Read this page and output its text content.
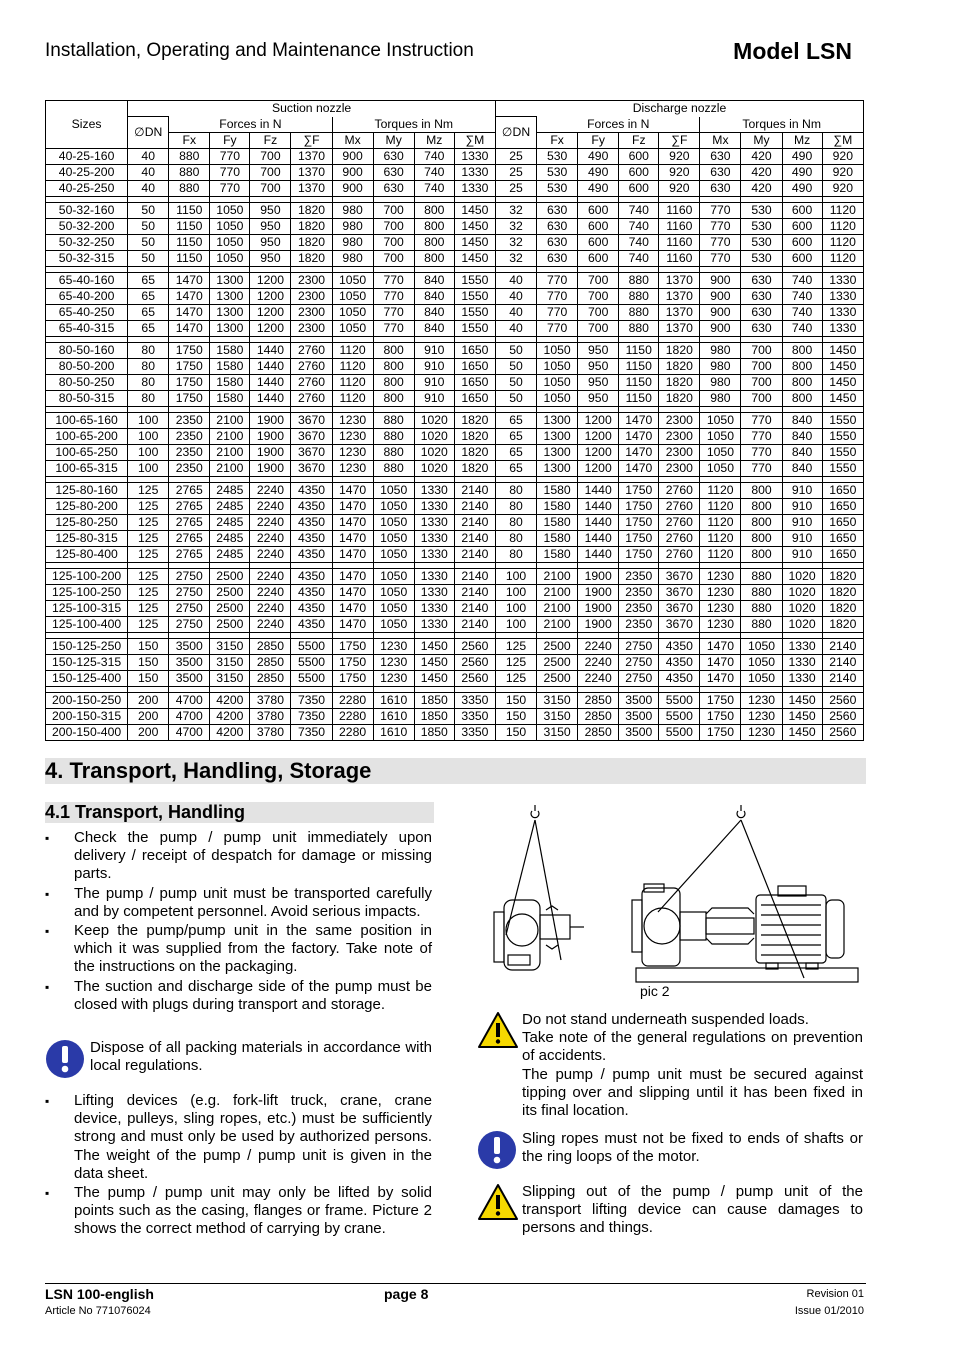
Installation, Operating and Maintenance Instruction	Model LSN
Sizes	Suction nozzle									Discharge nozzle								
	∅DN	Forces in N				Torques in Nm				∅DN	Forces in N				Torques in Nm			
		Fx	Fy	Fz	∑F	Mx	My	Mz	∑M		Fx	Fy	Fz	∑F	Mx	My	Mz	∑M
40-25-160	40	880	770	700	1370	900	630	740	1330	25	530	490	600	920	630	420	490	920
40-25-200	40	880	770	700	1370	900	630	740	1330	25	530	490	600	920	630	420	490	920
40-25-250	40	880	770	700	1370	900	630	740	1330	25	530	490	600	920	630	420	490	920

50-32-160	50	1150	1050	950	1820	980	700	800	1450	32	630	600	740	1160	770	530	600	1120
50-32-200	50	1150	1050	950	1820	980	700	800	1450	32	630	600	740	1160	770	530	600	1120
50-32-250	50	1150	1050	950	1820	980	700	800	1450	32	630	600	740	1160	770	530	600	1120
50-32-315	50	1150	1050	950	1820	980	700	800	1450	32	630	600	740	1160	770	530	600	1120

65-40-160	65	1470	1300	1200	2300	1050	770	840	1550	40	770	700	880	1370	900	630	740	1330
65-40-200	65	1470	1300	1200	2300	1050	770	840	1550	40	770	700	880	1370	900	630	740	1330
65-40-250	65	1470	1300	1200	2300	1050	770	840	1550	40	770	700	880	1370	900	630	740	1330
65-40-315	65	1470	1300	1200	2300	1050	770	840	1550	40	770	700	880	1370	900	630	740	1330

80-50-160	80	1750	1580	1440	2760	1120	800	910	1650	50	1050	950	1150	1820	980	700	800	1450
80-50-200	80	1750	1580	1440	2760	1120	800	910	1650	50	1050	950	1150	1820	980	700	800	1450
80-50-250	80	1750	1580	1440	2760	1120	800	910	1650	50	1050	950	1150	1820	980	700	800	1450
80-50-315	80	1750	1580	1440	2760	1120	800	910	1650	50	1050	950	1150	1820	980	700	800	1450

100-65-160	100	2350	2100	1900	3670	1230	880	1020	1820	65	1300	1200	1470	2300	1050	770	840	1550
100-65-200	100	2350	2100	1900	3670	1230	880	1020	1820	65	1300	1200	1470	2300	1050	770	840	1550
100-65-250	100	2350	2100	1900	3670	1230	880	1020	1820	65	1300	1200	1470	2300	1050	770	840	1550
100-65-315	100	2350	2100	1900	3670	1230	880	1020	1820	65	1300	1200	1470	2300	1050	770	840	1550

125-80-160	125	2765	2485	2240	4350	1470	1050	1330	2140	80	1580	1440	1750	2760	1120	800	910	1650
125-80-200	125	2765	2485	2240	4350	1470	1050	1330	2140	80	1580	1440	1750	2760	1120	800	910	1650
125-80-250	125	2765	2485	2240	4350	1470	1050	1330	2140	80	1580	1440	1750	2760	1120	800	910	1650
125-80-315	125	2765	2485	2240	4350	1470	1050	1330	2140	80	1580	1440	1750	2760	1120	800	910	1650
125-80-400	125	2765	2485	2240	4350	1470	1050	1330	2140	80	1580	1440	1750	2760	1120	800	910	1650

125-100-200	125	2750	2500	2240	4350	1470	1050	1330	2140	100	2100	1900	2350	3670	1230	880	1020	1820
125-100-250	125	2750	2500	2240	4350	1470	1050	1330	2140	100	2100	1900	2350	3670	1230	880	1020	1820
125-100-315	125	2750	2500	2240	4350	1470	1050	1330	2140	100	2100	1900	2350	3670	1230	880	1020	1820
125-100-400	125	2750	2500	2240	4350	1470	1050	1330	2140	100	2100	1900	2350	3670	1230	880	1020	1820

150-125-250	150	3500	3150	2850	5500	1750	1230	1450	2560	125	2500	2240	2750	4350	1470	1050	1330	2140
150-125-315	150	3500	3150	2850	5500	1750	1230	1450	2560	125	2500	2240	2750	4350	1470	1050	1330	2140
150-125-400	150	3500	3150	2850	5500	1750	1230	1450	2560	125	2500	2240	2750	4350	1470	1050	1330	2140

200-150-250	200	4700	4200	3780	7350	2280	1610	1850	3350	150	3150	2850	3500	5500	1750	1230	1450	2560
200-150-315	200	4700	4200	3780	7350	2280	1610	1850	3350	150	3150	2850	3500	5500	1750	1230	1450	2560
200-150-400	200	4700	4200	3780	7350	2280	1610	1850	3350	150	3150	2850	3500	5500	1750	1230	1450	2560
4. Transport, Handling, Storage
4.1 Transport, Handling
▪ Check the pump / pump unit immediately upon delivery / receipt of despatch for damage or missing parts.
▪ The pump / pump unit must be transported carefully and by competent personnel. Avoid serious impacts.
▪ Keep the pump/pump unit in the same position in which it was supplied from the factory. Take note of the instructions on the packaging.
▪ The suction and discharge side of the pump must be closed with plugs during transport and storage.

Dispose of all packing materials in accordance with local regulations.

▪ Lifting devices (e.g. fork-lift truck, crane, crane device, pulleys, sling ropes, etc.) must be sufficiently strong and must only be used by authorized persons. The weight of the pump / pump unit is given in the data sheet.
▪ The pump / pump unit may only be lifted by solid points such as the casing, flanges or frame. Picture 2 shows the correct method of carrying by crane.
pic 2

Do not stand underneath suspended loads.

Take note of the general regulations on prevention of accidents.

The pump / pump unit must be secured against tipping over and slipping until it has been fixed in its final location.

Sling ropes must not be fixed to ends of shafts or the ring loops of the motor.

Slipping out of the pump / pump unit of the transport lifting device can cause damages to persons and things.

LSN 100-english
Article No 771076024
page 8	Revision 01
Issue 01/2010
